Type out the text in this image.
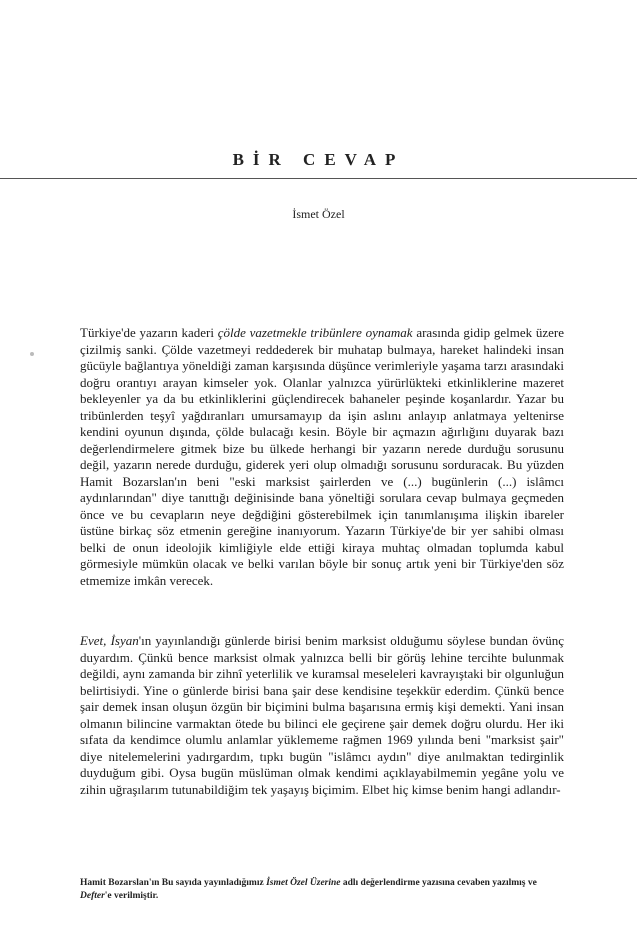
BİR CEVAP
İsmet Özel

Türkiye'de yazarın kaderi çölde vazetmekle tribünlere oynamak arasında gidip gelmek üzere çizilmiş sanki. Çölde vazetmeyi reddederek bir muhatap bulmaya, hareket halindeki insan gücüyle bağlantıya yöneldiği zaman karşısında düşünce verimleriyle yaşama tarzı arasındaki doğru orantıyı arayan kimseler yok. Olanlar yalnızca yürürlükteki etkinliklerine mazeret bekleyenler ya da bu etkinliklerini güçlendirecek bahaneler peşinde koşanlardır. Yazar bu tribünlerden teşyî yağdıranları umursamayıp da işin aslını anlayıp anlatmaya yeltenirse kendini oyunun dışında, çölde bulacağı kesin. Böyle bir açmazın ağırlığını duyarak bazı değerlendirmelere gitmek bize bu ülkede herhangi bir yazarın nerede durduğu sorusunu değil, yazarın nerede durduğu, giderek yeri olup olmadığı sorusunu sorduracak. Bu yüzden Hamit Bozarslan'ın beni "eski marksist şairlerden ve (...) bugünlerin (...) islâmcı aydınlarından" diye tanıttığı değinisinde bana yöneltiği sorulara cevap bulmaya geçmeden önce ve bu cevapların neye değdiğini gösterebilmek için tanımlanışıma ilişkin ibareler üstüne birkaç söz etmenin gereğine inanıyorum. Yazarın Türkiye'de bir yer sahibi olması belki de onun ideolojik kimliğiyle elde ettiği kiraya muhtaç olmadan toplumda kabul görmesiyle mümkün olacak ve belki varılan böyle bir sonuç artık yeni bir Türkiye'den söz etmemize imkân verecek.

Evet, İsyan'ın yayınlandığı günlerde birisi benim marksist olduğumu söylese bundan övünç duyardım. Çünkü bence marksist olmak yalnızca belli bir görüş lehine tercihte bulunmak değildi, aynı zamanda bir zihnî yeterlilik ve kuramsal meseleleri kavrayıştaki bir olgunluğun belirtisiydi. Yine o günlerde birisi bana şair dese kendisine teşekkür ederdim. Çünkü bence şair demek insan oluşun özgün bir biçimini bulma başarısına ermiş kişi demekti. Yani insan olmanın bilincine varmaktan ötede bu bilinci ele geçirene şair demek doğru olurdu. Her iki sıfata da kendimce olumlu anlamlar yüklememe rağmen 1969 yılında beni "marksist şair" diye nitelemelerini yadırgardım, tıpkı bugün "islâmcı aydın" diye anılmaktan tedirginlik duyduğum gibi. Oysa bugün müslüman olmak kendimi açıklayabilmemin yegâne yolu ve zihin uğraşılarım tutunabildiğim tek yaşayış biçimim. Elbet hiç kimse benim hangi adlandır-

Hamit Bozarslan'ın Bu sayıda yayınladığımız İsmet Özel Üzerine adlı değerlendirme yazısına cevaben yazılmış ve Defter'e verilmiştir.
